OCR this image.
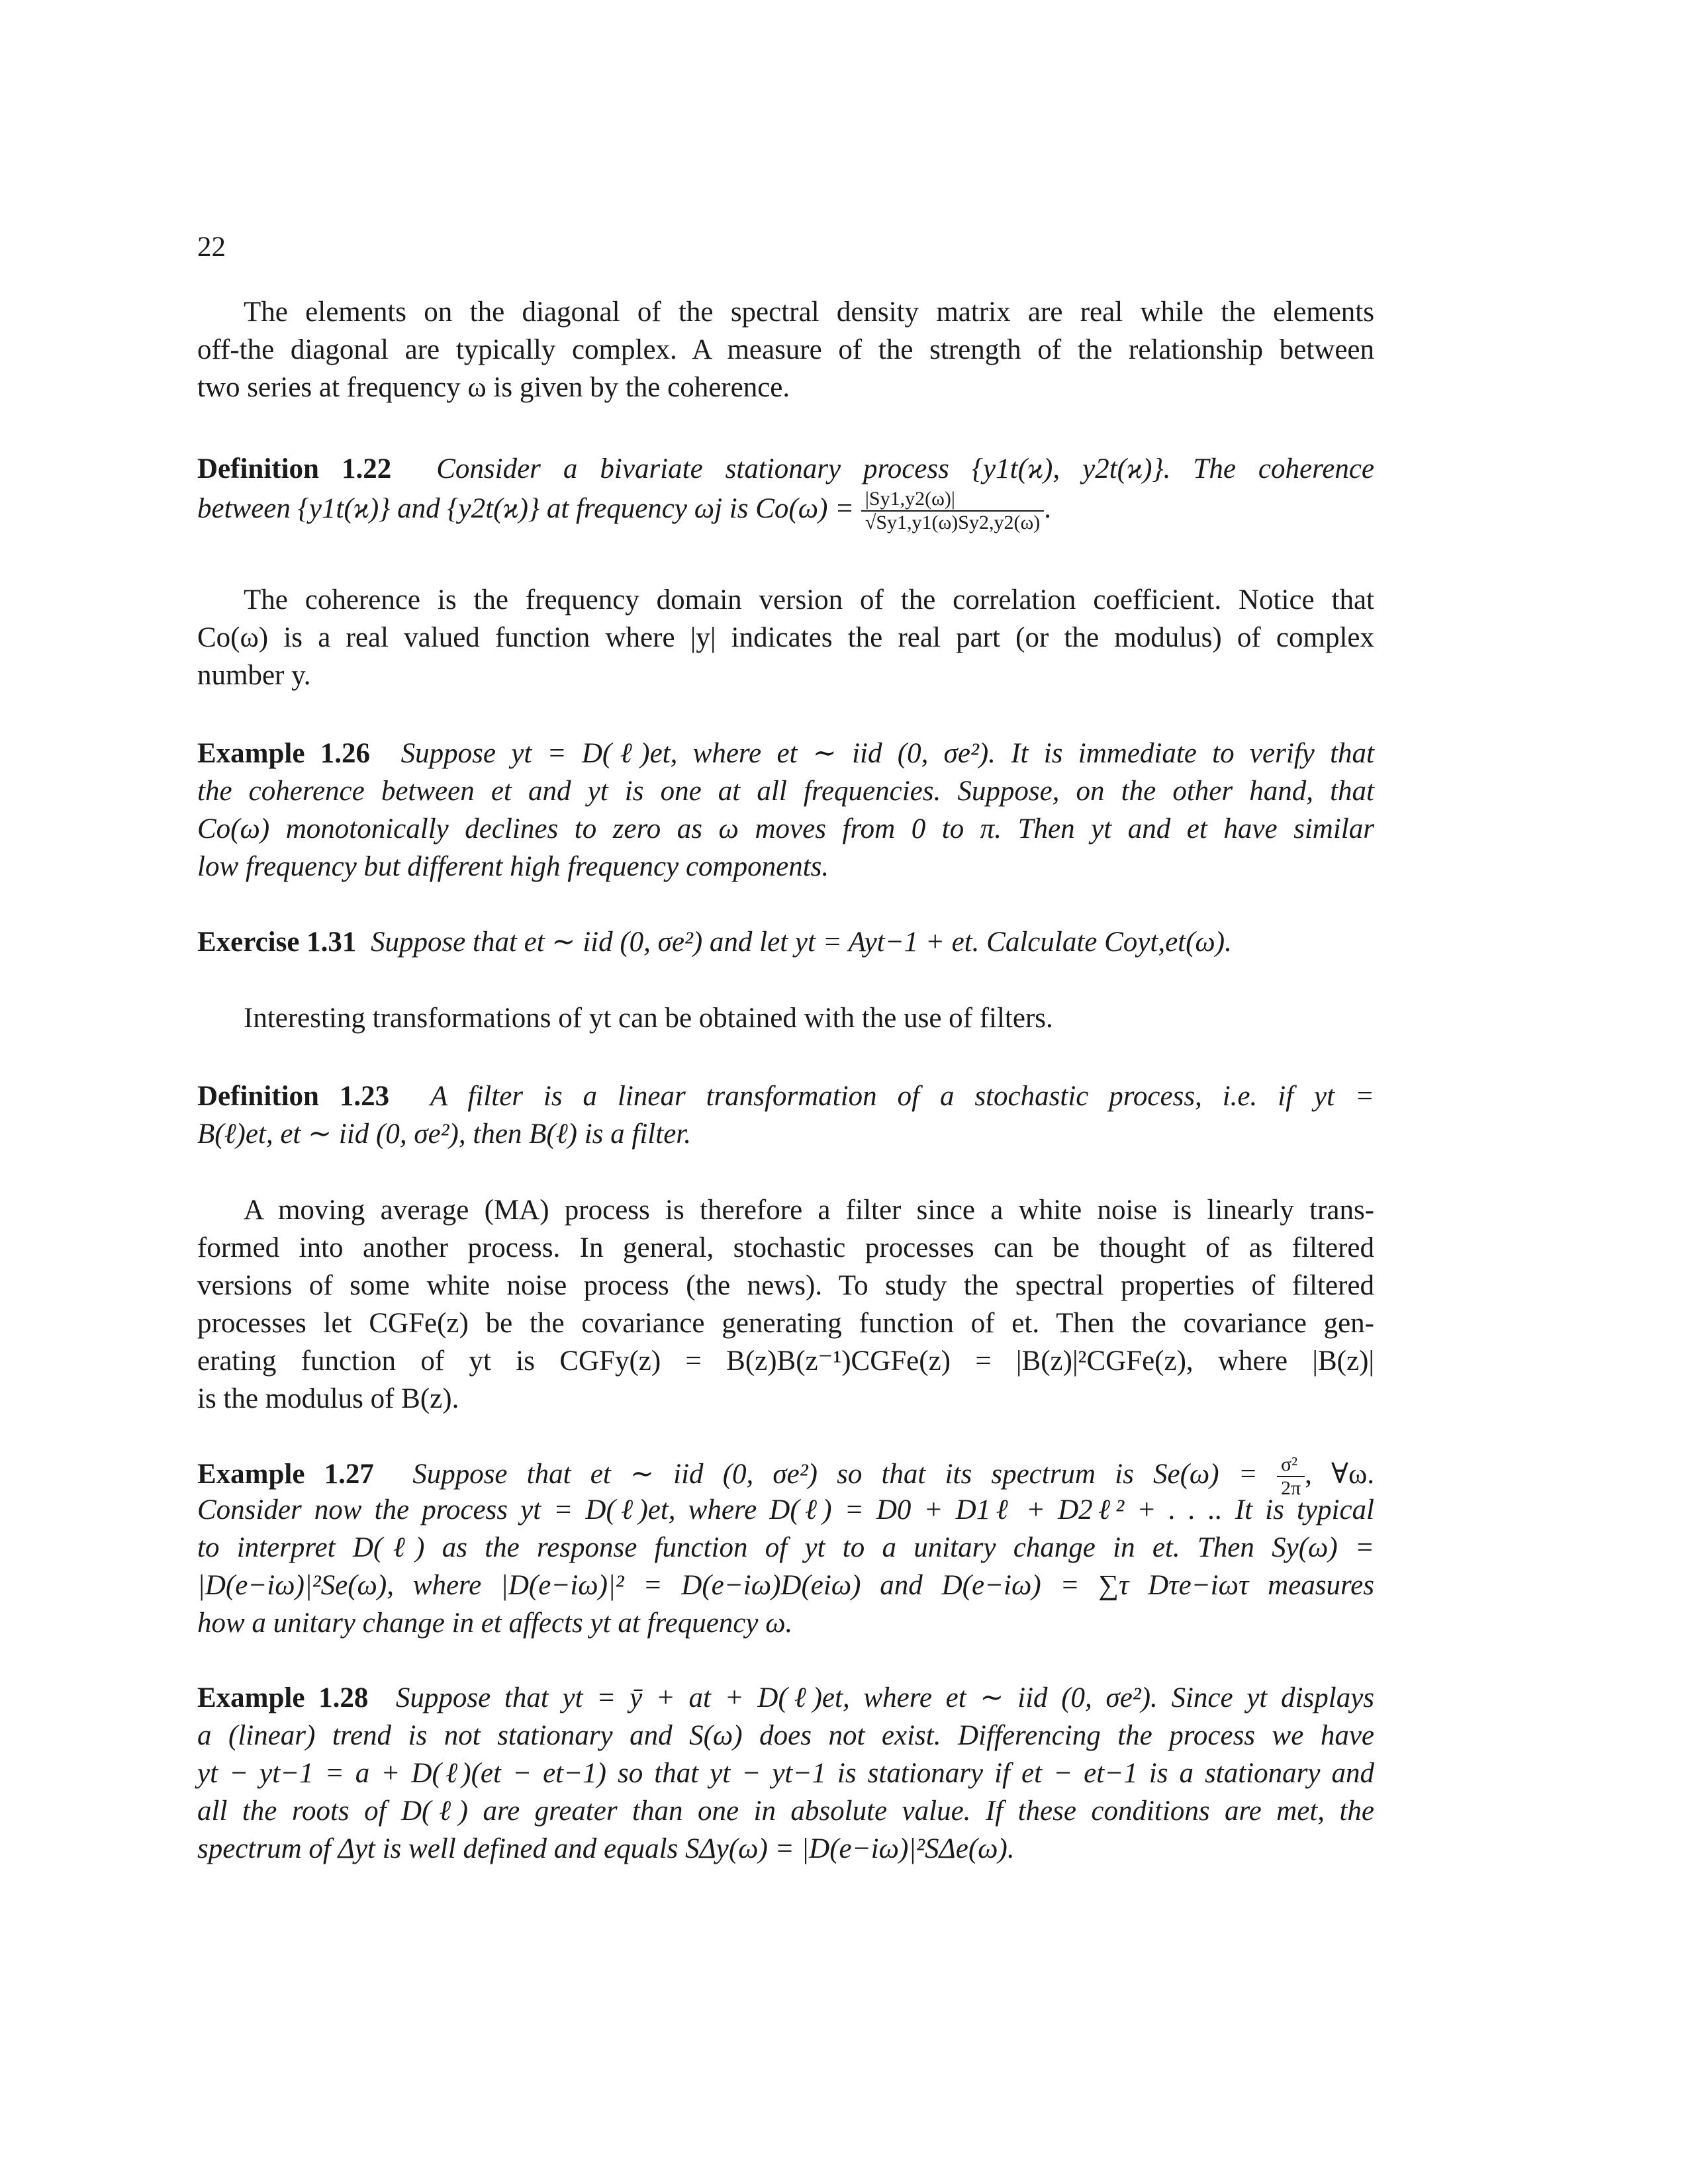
22
The elements on the diagonal of the spectral density matrix are real while the elements
off-the diagonal are typically complex. A measure of the strength of the relationship between
two series at frequency ω is given by the coherence.
Definition 1.22 Consider a bivariate stationary process {y1t(ϰ), y2t(ϰ)}. The coherence
between {y1t(ϰ)} and {y2t(ϰ)} at frequency ωj is $Co(\omega) = \frac{|Sy1,y2(\omega)|}{√Sy1,y1(\omega)Sy2,y2(\omega)}$ .
The coherence is the frequency domain version of the correlation coefficient. Notice that
Co(ω) is a real valued function where |y| indicates the real part (or the modulus) of complex
number y.
Example 1.26 Suppose yt = D(ℓ)et, where et ∼ iid (0, σe²). It is immediate to verify that
the coherence between et and yt is one at all frequencies. Suppose, on the other hand, that
Co(ω) monotonically declines to zero as ω moves from 0 to π. Then yt and et have similar
low frequency but different high frequency components.
Exercise 1.31 Suppose that et ∼ iid (0, σe²) and let yt = Ayt−1 + et. Calculate Coyt,et(ω).
Interesting transformations of yt can be obtained with the use of filters.
Definition 1.23 A filter is a linear transformation of a stochastic process, i.e. if yt =
B(ℓ)et, et ∼ iid (0, σe²), then B(ℓ) is a filter.
A moving average (MA) process is therefore a filter since a white noise is linearly trans-
formed into another process. In general, stochastic processes can be thought of as filtered
versions of some white noise process (the news). To study the spectral properties of filtered
processes let CGFe(z) be the covariance generating function of et. Then the covariance gen-
erating function of yt is CGFy(z) = B(z)B(z⁻¹)CGFe(z) = |B(z)|²CGFe(z), where |B(z)|
is the modulus of B(z).
Example 1.27 Suppose that et ∼ iid (0, σe²) so that its spectrum is $Se(\omega) = \frac{\text{σ²}}{2\pi}$ , ∀ω.
Consider now the process yt = D(ℓ)et, where D(ℓ) = D0 + D1ℓ + D2ℓ² + . . .. It is typical
to interpret D(ℓ) as the response function of yt to a unitary change in et. Then Sy(ω) =
|D(e−iω)|²Se(ω), where |D(e−iω)|² = D(e−iω)D(eiω) and D(e−iω) = ∑τ Dτe−iωτ measures
how a unitary change in et affects yt at frequency ω.
Example 1.28 Suppose that yt = ȳ + at + D(ℓ)et, where et ∼ iid (0, σe²). Since yt displays
a (linear) trend is not stationary and S(ω) does not exist. Differencing the process we have
yt − yt−1 = a + D(ℓ)(et − et−1) so that yt − yt−1 is stationary if et − et−1 is a stationary and
all the roots of D(ℓ) are greater than one in absolute value. If these conditions are met, the
spectrum of Δyt is well defined and equals SΔy(ω) = |D(e−iω)|²SΔe(ω).
